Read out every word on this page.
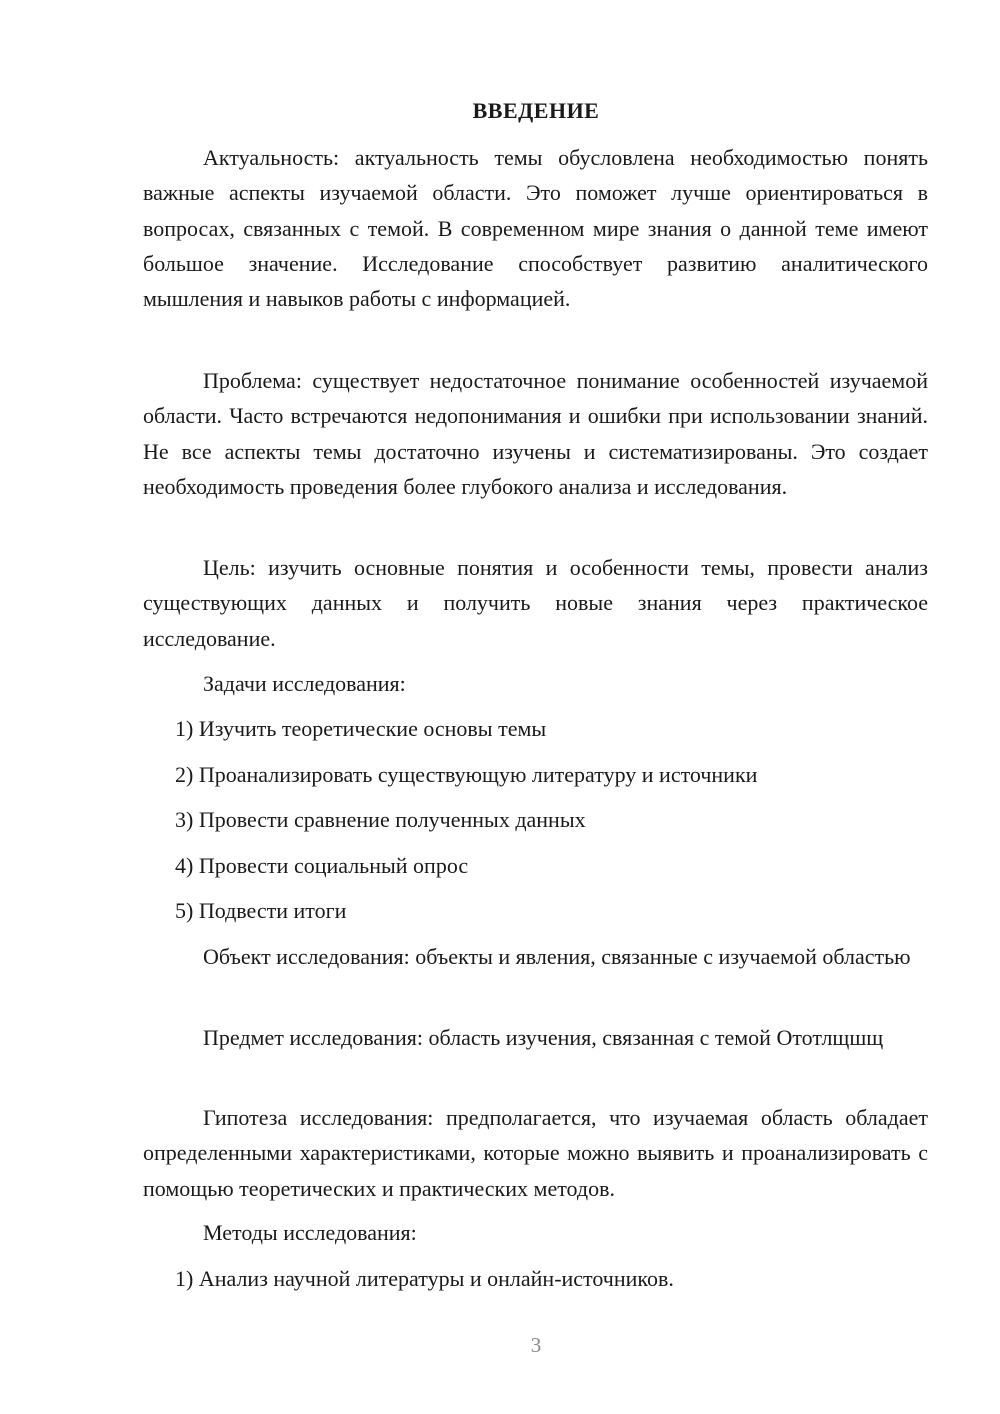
ВВЕДЕНИЕ

Актуальность: актуальность темы обусловлена необходимостью понять важные аспекты изучаемой области. Это поможет лучше ориентироваться в вопросах, связанных с темой. В современном мире знания о данной теме имеют большое значение. Исследование способствует развитию аналитического мышления и навыков работы с информацией.

Проблема: существует недостаточное понимание особенностей изучаемой области. Часто встречаются недопонимания и ошибки при использовании знаний. Не все аспекты темы достаточно изучены и систематизированы. Это создает необходимость проведения более глубокого анализа и исследования.

Цель: изучить основные понятия и особенности темы, провести анализ существующих данных и получить новые знания через практическое исследование.

Задачи исследования:
1) Изучить теоретические основы темы
2) Проанализировать существующую литературу и источники
3) Провести сравнение полученных данных
4) Провести социальный опрос
5) Подвести итоги

Объект исследования: объекты и явления, связанные с изучаемой областью

Предмет исследования: область изучения, связанная с темой Ототлщшщ

Гипотеза исследования: предполагается, что изучаемая область обладает определенными характеристиками, которые можно выявить и проанализировать с помощью теоретических и практических методов.

Методы исследования:
1) Анализ научной литературы и онлайн-источников.
3
